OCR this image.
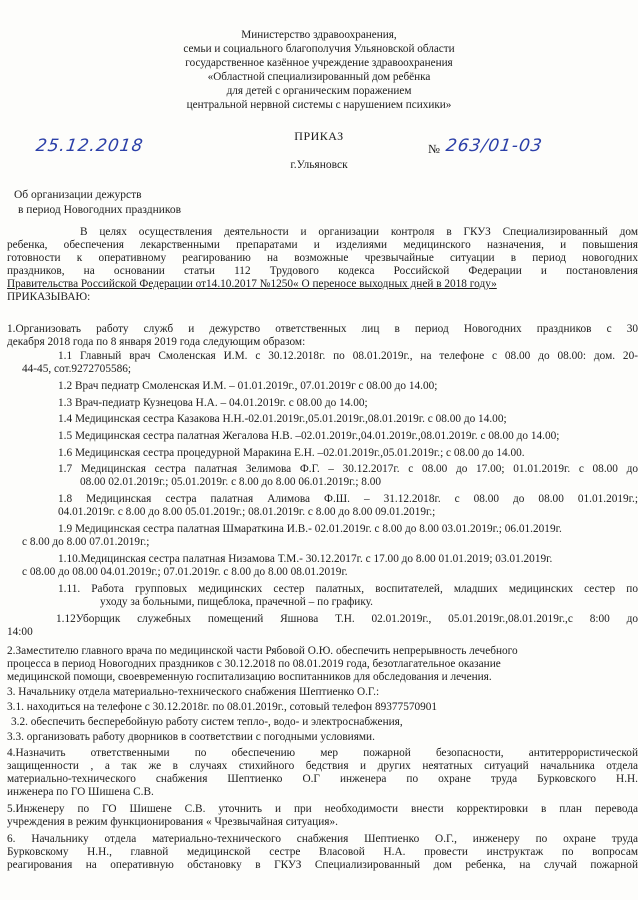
Министерство здравоохранения,
семьи и социального благополучия Ульяновской области
государственное казённое учреждение здравоохранения
«Областной специализированный дом ребёнка
для детей с органическим поражением
центральной нервной системы с нарушением психики»
ПРИКАЗ
25.12.2018	№ 263/01-03
г.Ульяновск
Об организации дежурств
в период Новогодних праздников
В целях осуществления деятельности и организации контроля в ГКУЗ Специализированный дом
ребенка, обеспечения лекарственными препаратами и изделиями медицинского назначения, и повышения
готовности к оперативному реагированию на возможные чрезвычайные ситуации в период новогодних
праздников, на основании статьи 112 Трудового кодекса Российской Федерации и постановления
Правительства Российской Федерации от14.10.2017 №1250« О переносе выходных дней в 2018 году»
ПРИКАЗЫВАЮ:
1.Организовать работу служб и дежурство ответственных лиц в период Новогодних праздников с 30
декабря 2018 года по 8 января 2019 года следующим образом:
1.1 Главный врач Смоленская И.М. с 30.12.2018г. по 08.01.2019г., на телефоне с 08.00 до 08.00: дом. 20-
44-45, сот.9272705586;
1.2 Врач педиатр Смоленская И.М. – 01.01.2019г., 07.01.2019г с 08.00 до 14.00;
1.3 Врач-педиатр Кузнецова Н.А. – 04.01.2019г. с 08.00 до 14.00;
1.4 Медицинская сестра Казакова Н.Н.-02.01.2019г.,05.01.2019г.,08.01.2019г. с 08.00 до 14.00;
1.5 Медицинская сестра палатная Жегалова Н.В. –02.01.2019г.,04.01.2019г.,08.01.2019г. с 08.00 до 14.00;
1.6 Медицинская сестра процедурной Маракина Е.Н. –02.01.2019г.,05.01.2019г.; с 08.00 до 14.00.
1.7 Медицинская сестра палатная Зелимова Ф.Г. – 30.12.2017г. с 08.00 до 17.00; 01.01.2019г. с 08.00 до
08.00 02.01.2019г.; 05.01.2019г. с 8.00 до 8.00 06.01.2019г.; 8.00
1.8 Медицинская сестра палатная Алимова Ф.Ш. – 31.12.2018г. с 08.00 до 08.00 01.01.2019г.;
04.01.2019г. с 8.00 до 8.00 05.01.2019г.; 08.01.2019г. с 8.00 до 8.00 09.01.2019г.;
1.9 Медицинская сестра палатная Шмараткина И.В.- 02.01.2019г. с 8.00 до 8.00 03.01.2019г.; 06.01.2019г.
с 8.00 до 8.00 07.01.2019г.;
1.10.Медицинская сестра палатная Низамова Т.М.- 30.12.2017г. с 17.00 до 8.00 01.01.2019; 03.01.2019г.
с 08.00 до 08.00 04.01.2019г.; 07.01.2019г. с 8.00 до 8.00 08.01.2019г.
1.11. Работа групповых медицинских сестер палатных, воспитателей, младших медицинских сестер по
уходу за больными, пищеблока, прачечной – по графику.
1.12Уборщик служебных помещений Яшнова Т.Н. 02.01.2019г., 05.01.2019г.,08.01.2019г.,с 8:00 до
14:00
2.Заместителю главного врача по медицинской части Рябовой О.Ю. обеспечить непрерывность лечебного
процесса в период Новогодних праздников с 30.12.2018 по 08.01.2019 года, безотлагательное оказание
медицинской помощи, своевременную госпитализацию воспитанников для обследования и лечения.
3. Начальнику отдела материально-технического снабжения Шептиенко О.Г.:
3.1. находиться на телефоне с 30.12.2018г. по 08.01.2019г., сотовый телефон 89377570901
3.2. обеспечить бесперебойную работу систем тепло-, водо- и электроснабжения,
3.3. организовать работу дворников в соответствии с погодными условиями.
4.Назначить ответственными по обеспечению мер пожарной безопасности, антитеррористической
защищенности , а так же в случаях стихийного бедствия и других неятатных ситуаций начальника отдела
материально-технического снабжения Шептиенко О.Г инженера по охране труда Бурковского Н.Н.
инженера по ГО Шишена С.В.
5.Инженеру по ГО Шишене С.В. уточнить и при необходимости внести корректировки в план перевода
учреждения в режим функционирования « Чрезвычайная ситуация».
6. Начальнику отдела материально-технического снабжения Шептиенко О.Г., инженеру по охране труда
Бурковскому Н.Н., главной медицинской сестре Власовой Н.А. провести инструктаж по вопросам
реагирования на оперативную обстановку в ГКУЗ Специализированный дом ребенка, на случай пожарной
